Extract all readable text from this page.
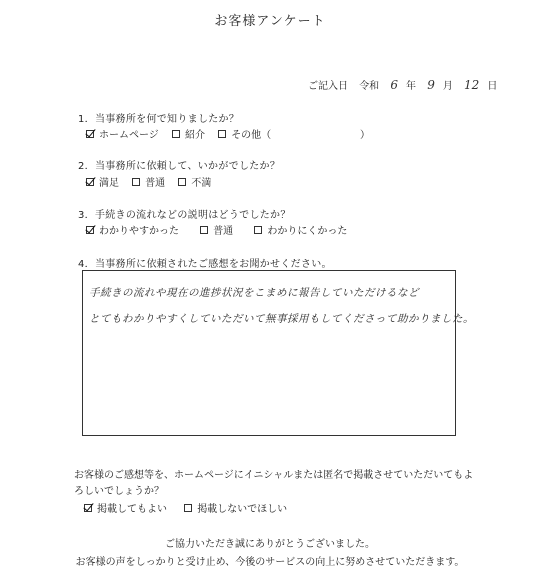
お客様アンケート
ご記入日 令和 6 年 9 月 12 日
1．当事務所を何で知りましたか？
ホームページ
	紹介
	その他（	）
2．当事務所に依頼して、いかがでしたか？
満足
	普通
	不満
3．手続きの流れなどの説明はどうでしたか？
わかりやすかった
	普通
	わかりにくかった
4．当事務所に依頼されたご感想をお聞かせください。
手続きの流れや現在の進捗状況をこまめに報告していただけるなど
とてもわかりやすくしていただいて無事採用もしてくださって助かりました。
お客様のご感想等を、ホームページにイニシャルまたは匿名で掲載させていただいてもよ
ろしいでしょうか？
掲載してもよい
	掲載しないでほしい
ご協力いただき誠にありがとうございました。
お客様の声をしっかりと受け止め、今後のサービスの向上に努めさせていただきます。
